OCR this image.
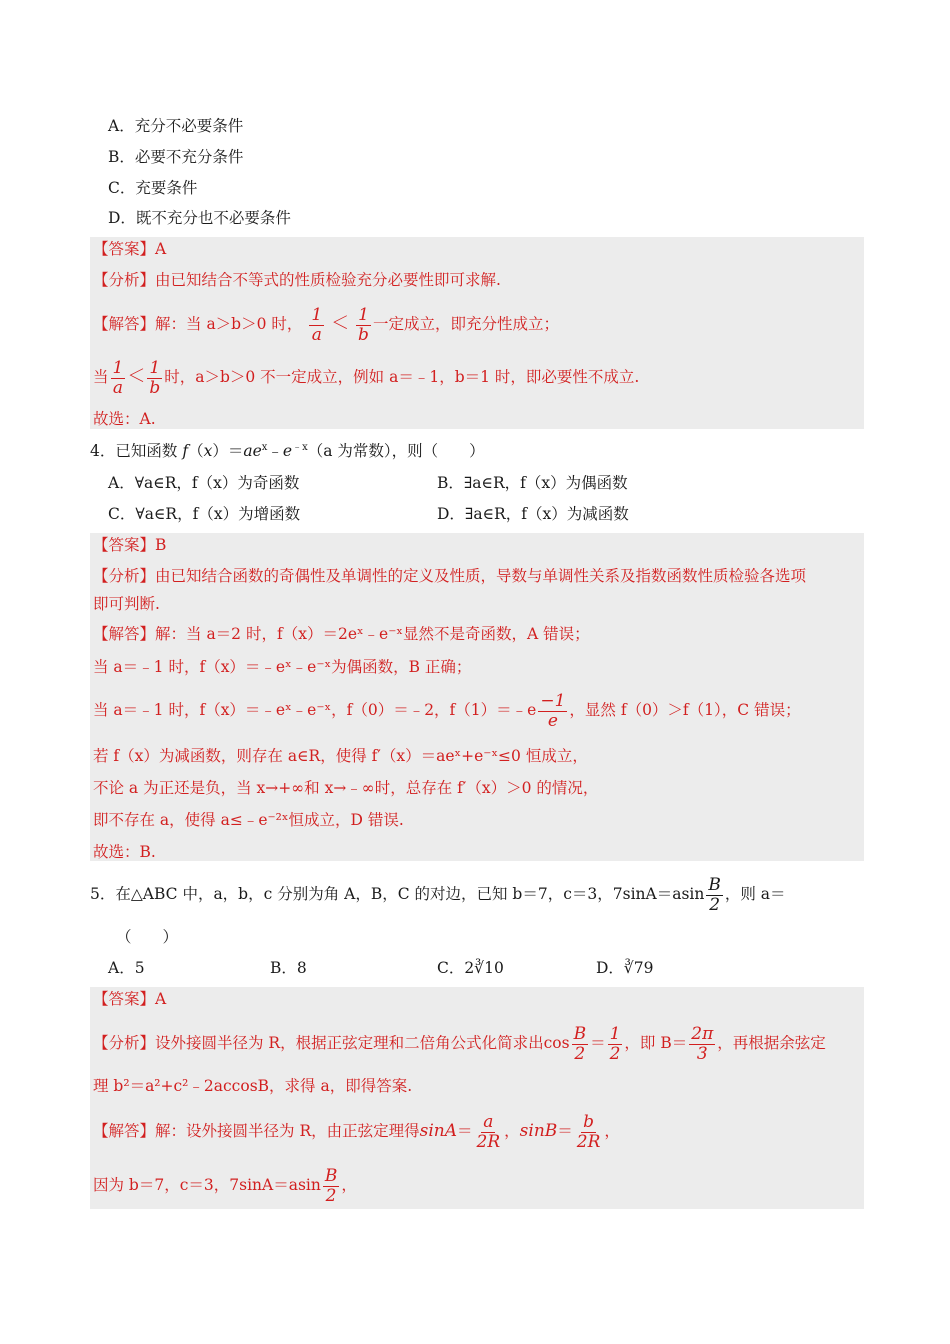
A．充分不必要条件
B．必要不充分条件
C．充要条件
D．既不充分也不必要条件
【答案】A
【分析】由已知结合不等式的性质检验充分必要性即可求解.
【解答】解：当 a＞b＞0 时， $\frac{1}{a} < \frac{1}{b}$ 一定成立，即充分性成立；
当 $\frac{1}{a} < \frac{1}{b}$ 时，a＞b＞0 不一定成立，例如 a＝﹣1，b＝1 时，即必要性不成立.
故选：A.
4．已知函数 $f(x)=ae^x﹣e^{﹣x}(a$ 为常数），则（　　）
A．∀a∈R，f（x）为奇函数	B．∃a∈R，f（x）为偶函数
C．∀a∈R，f（x）为增函数	D．∃a∈R，f（x）为减函数
【答案】B
【分析】由已知结合函数的奇偶性及单调性的定义及性质，导数与单调性关系及指数函数性质检验各选项
即可判断.
【解答】解：当 a＝2 时，f（x）＝2eˣ﹣e⁻ˣ显然不是奇函数，A 错误；
当 a＝﹣1 时，f（x）＝﹣eˣ﹣e⁻ˣ为偶函数，B 正确；
当 a＝﹣1 时，f（x）＝﹣eˣ﹣e⁻ˣ，f（0）＝﹣2，f（1）＝﹣e $\frac{-1}{e}$ ，显然 f（0）＞f（1），C 错误；
若 f（x）为减函数，则存在 a∈R，使得 f′（x）＝aeˣ+e⁻ˣ≤0 恒成立，
不论 a 为正还是负，当 x→+∞和 x→﹣∞时，总存在 f′（x）＞0 的情况，
即不存在 a，使得 a≤﹣e⁻²ˣ恒成立，D 错误.
故选：B.
5．在△ABC 中，a，b，c 分别为角 A，B，C 的对边，已知 b＝7，c＝3，$7\sin A=asin \frac{B}{2}$ ，则 a＝
（　　）
A．5	B．8	C．2∛10	D．∛79
【答案】A
【分析】设外接圆半径为 R，根据正弦定理和二倍角公式化简求出$\cos \frac{B}{2} = \frac{1}{2}$ ，即 $B= \frac{2\pi}{3}$ ，再根据余弦定
理 b²＝a²+c²﹣2accosB，求得 a，即得答案.
【解答】解：设外接圆半径为 R，由正弦定理得$\sin A= \frac{a}{2R}$ ，$\sin B= \frac{b}{2R}$ ，
因为 b＝7，c＝3，$7\sin A=asin \frac{B}{2}$ ，
